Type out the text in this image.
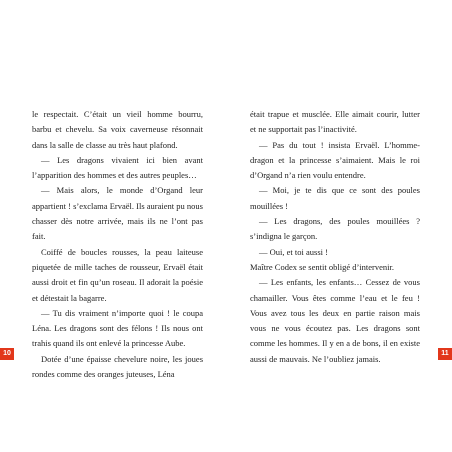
le respectait. C’était un vieil homme bourru, barbu et chevelu. Sa voix caverneuse résonnait dans la salle de classe au très haut plafond.

— Les dragons vivaient ici bien avant l’apparition des hommes et des autres peuples…

— Mais alors, le monde d’Organd leur appartient ! s’exclama Ervaël. Ils auraient pu nous chasser dès notre arrivée, mais ils ne l’ont pas fait.

Coiffé de boucles rousses, la peau laiteuse piquetée de mille taches de rousseur, Ervaël était aussi droit et fin qu’un roseau. Il adorait la poésie et détestait la bagarre.

— Tu dis vraiment n’importe quoi ! le coupa Léna. Les dragons sont des félons ! Ils nous ont trahis quand ils ont enlevé la princesse Aube.

Dotée d’une épaisse chevelure noire, les joues rondes comme des oranges juteuses, Léna

était trapue et musclée. Elle aimait courir, lutter et ne supportait pas l’inactivité.

— Pas du tout ! insista Ervaël. L’homme-dragon et la princesse s’aimaient. Mais le roi d’Organd n’a rien voulu entendre.

— Moi, je te dis que ce sont des poules mouillées !

— Les dragons, des poules mouillées ? s’indigna le garçon.

— Oui, et toi aussi !

Maître Codex se sentit obligé d’intervenir.

— Les enfants, les enfants… Cessez de vous chamailler. Vous êtes comme l’eau et le feu ! Vous avez tous les deux en partie raison mais vous ne vous écoutez pas. Les dragons sont comme les hommes. Il y en a de bons, il en existe aussi de mauvais. Ne l’oubliez jamais.

10	11
